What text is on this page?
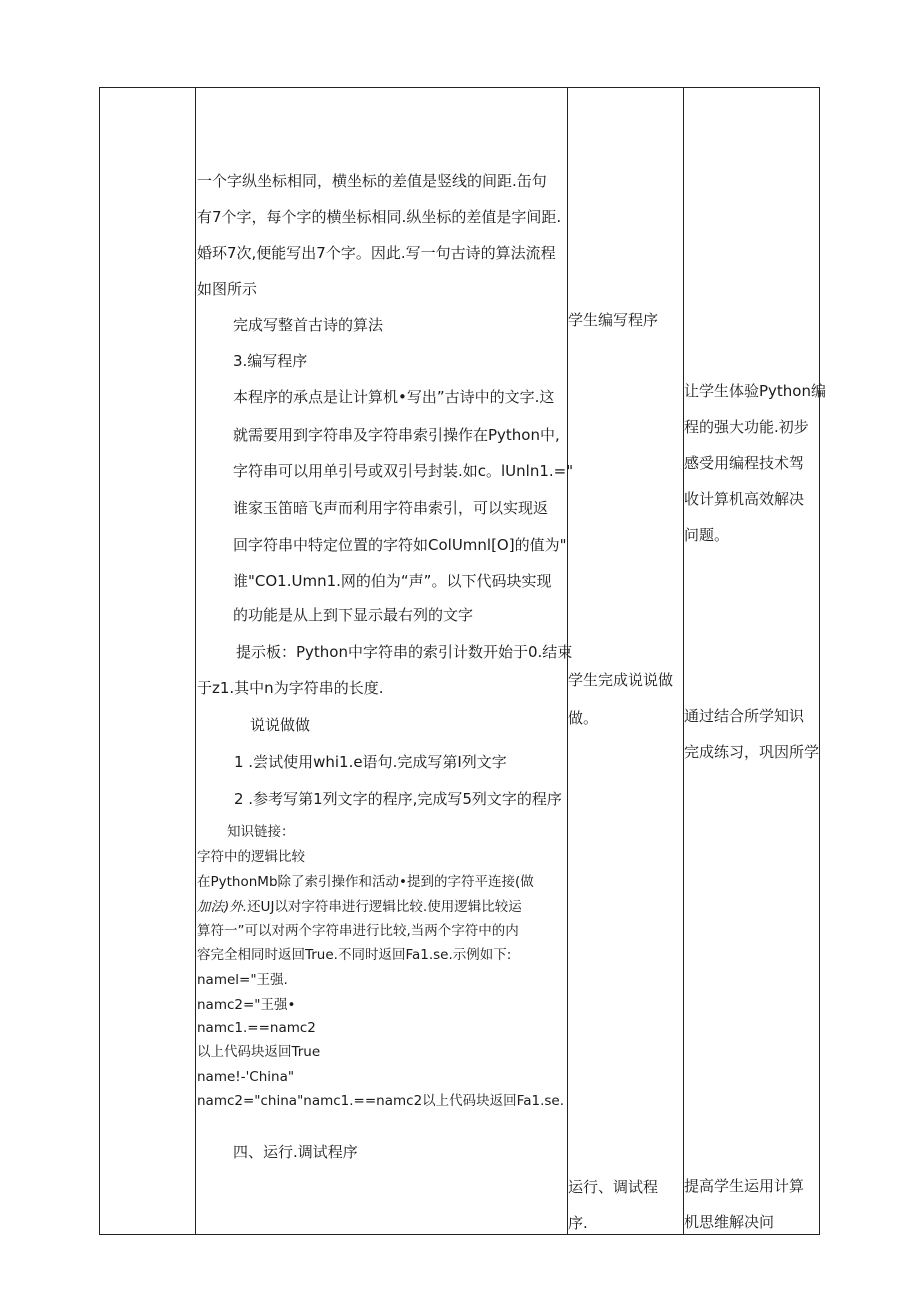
一个字纵坐标相同，横坐标的差值是竖线的间距.缶句
有7个字，每个字的横坐标相同.纵坐标的差值是字间距.
婚环7次,便能写出7个字。因此.写一句古诗的算法流程
如图所示
完成写整首古诗的算法
3.编写程序
本程序的承点是让计算机•写出”古诗中的文字.这
就需要用到字符串及字符串索引操作在Python中,
字符串可以用单引号或双引号封装.如c。lUnln1.="
谁家玉笛暗飞声而利用字符串索引，可以实现返
回字符串中特定位置的字符如ColUmnl[O]的值为"
谁"CO1.Umn1.网的伯为“声”。以下代码块实现
的功能是从上到下显示最右列的文字
提示板：Python中字符串的索引计数开始于0.结束
于z1.其中n为字符串的长度.
说说做做
1 .尝试使用whi1.e语句.完成写第I列文字
2 .参考写第1列文字的程序,完成写5列文字的程序
知识链接：
字符中的逻辑比较
在PythonMb除了索引操作和活动•提到的字符平连接(做
加法)外.还UJ以对字符串进行逻辑比较.使用逻辑比较运
算符一”可以对两个字符串进行比较,当两个字符中的内
容完全相同时返回True.不同时返回Fa1.se.示例如下:
namel="王强.
namc2="王强•
namc1.==namc2
以上代码块返回True
name!-'China"
namc2="china"namc1.==namc2以上代码块返回Fa1.se.
四、运行.调试程序
学生编写程序
学生完成说说做
做。
运行、调试程
序.
让学生体验Python编
程的强大功能.初步
感受用编程技术驾
收计算机高效解决
问题。
通过结合所学知识
完成练习，巩因所学
提高学生运用计算
机思维解决问
